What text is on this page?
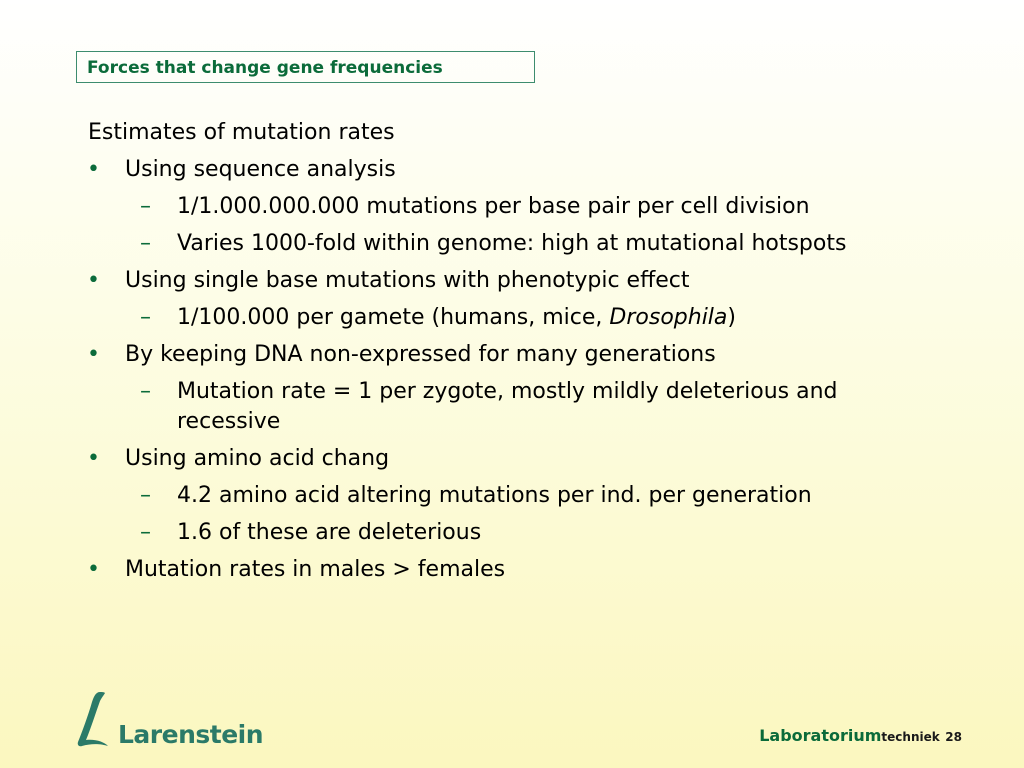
Forces that change gene frequencies
Estimates of mutation rates
• Using sequence analysis
– 1/1.000.000.000 mutations per base pair per cell division
– Varies 1000-fold within genome: high at mutational hotspots
• Using single base mutations with phenotypic effect
– 1/100.000 per gamete (humans, mice, Drosophila)
• By keeping DNA non-expressed for many generations
– Mutation rate = 1 per zygote, mostly mildly deleterious and recessive
• Using amino acid chang
– 4.2 amino acid altering mutations per ind. per generation
– 1.6 of these are deleterious
• Mutation rates in males > females
Larenstein	Laboratoriumtechniek 28
